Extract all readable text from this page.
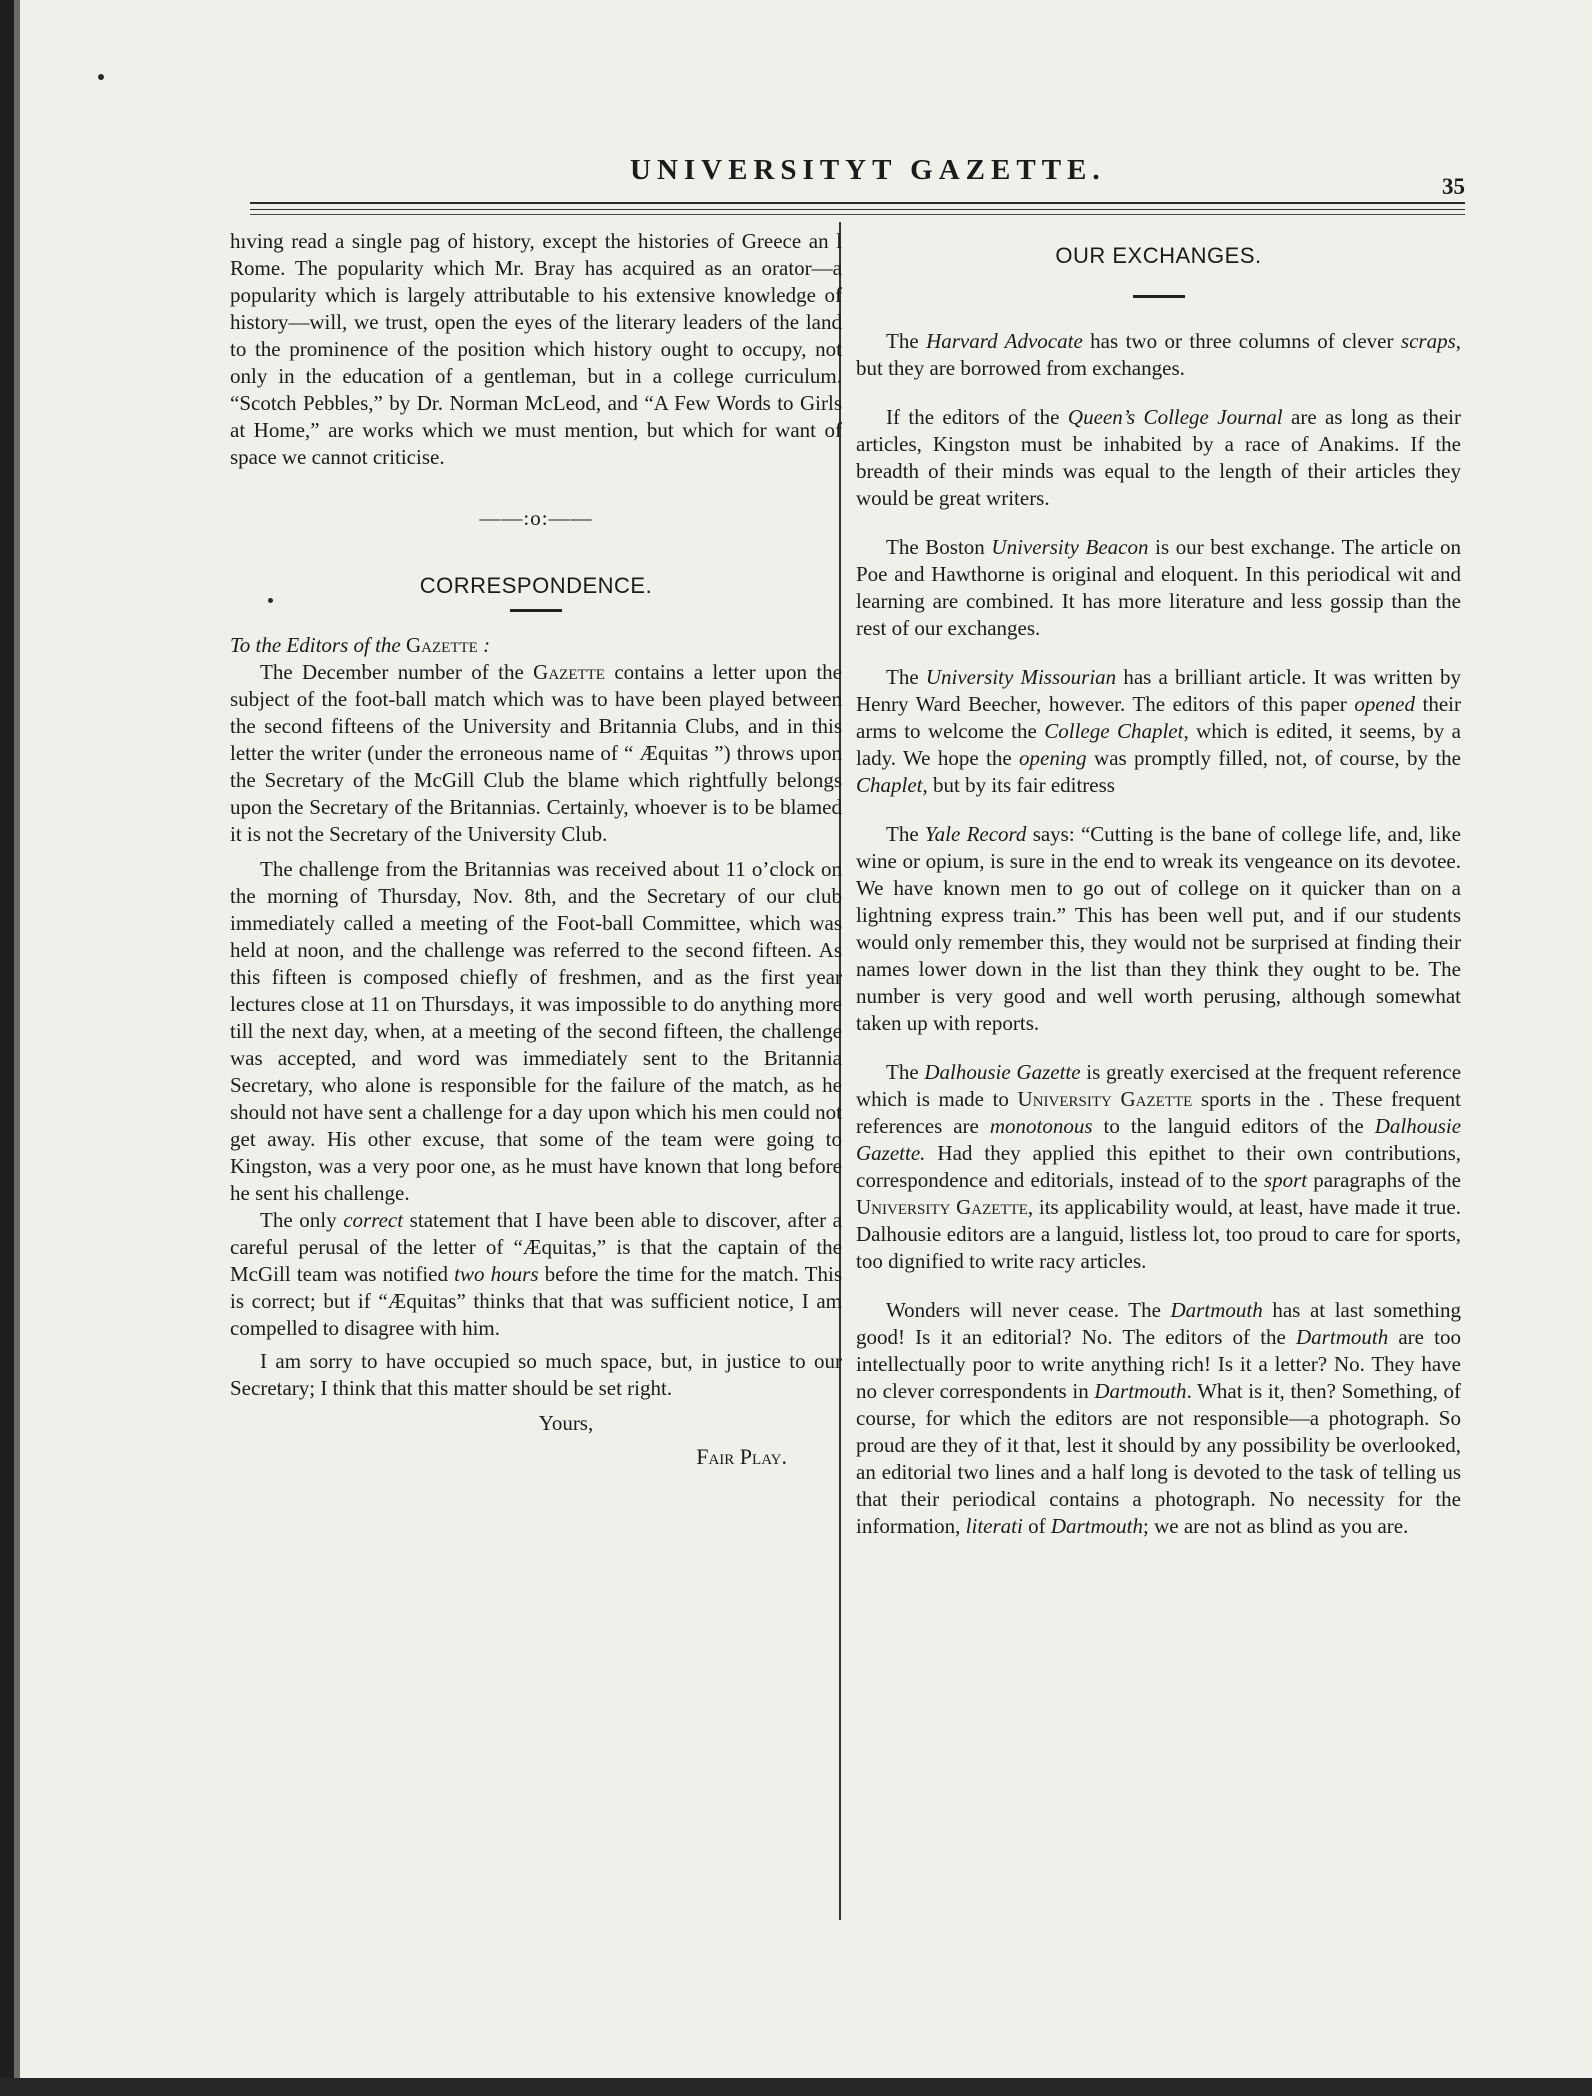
UNIVERSITYT GAZETTE.
35

hıving read a single pag of history, except the histories of Greece an l Rome. The popularity which Mr. Bray has acquired as an orator—a popularity which is largely attributable to his extensive knowledge of history—will, we trust, open the eyes of the literary leaders of the land to the prominence of the position which history ought to occupy, not only in the education of a gentleman, but in a college curriculum. “Scotch Pebbles,” by Dr. Norman McLeod, and “A Few Words to Girls at Home,” are works which we must mention, but which for want of space we cannot criticise.

——:o:——
CORRESPONDENCE.

To the Editors of the Gazette :

The December number of the Gazette contains a letter upon the subject of the foot-ball match which was to have been played between the second fifteens of the University and Britannia Clubs, and in this letter the writer (under the erroneous name of “ Æquitas ”) throws upon the Secretary of the McGill Club the blame which rightfully belongs upon the Secretary of the Britannias. Certainly, whoever is to be blamed it is not the Secretary of the University Club.

The challenge from the Britannias was received about 11 o’clock on the morning of Thursday, Nov. 8th, and the Secretary of our club immediately called a meeting of the Foot-ball Committee, which was held at noon, and the challenge was referred to the second fifteen. As this fifteen is composed chiefly of freshmen, and as the first year lectures close at 11 on Thursdays, it was impossible to do anything more till the next day, when, at a meeting of the second fifteen, the challenge was accepted, and word was immediately sent to the Britannia Secretary, who alone is responsible for the failure of the match, as he should not have sent a challenge for a day upon which his men could not get away. His other excuse, that some of the team were going to Kingston, was a very poor one, as he must have known that long before he sent his challenge.

The only correct statement that I have been able to discover, after a careful perusal of the letter of “Æquitas,” is that the captain of the McGill team was notified two hours before the time for the match. This is correct; but if “Æquitas” thinks that that was sufficient notice, I am compelled to disagree with him.

I am sorry to have occupied so much space, but, in justice to our Secretary; I think that this matter should be set right.

Yours,
Fair Play.
OUR EXCHANGES.

The Harvard Advocate has two or three columns of clever scraps, but they are borrowed from exchanges.

If the editors of the Queen’s College Journal are as long as their articles, Kingston must be inhabited by a race of Anakims. If the breadth of their minds was equal to the length of their articles they would be great writers.

The Boston University Beacon is our best exchange. The article on Poe and Hawthorne is original and eloquent. In this periodical wit and learning are combined. It has more literature and less gossip than the rest of our exchanges.

The University Missourian has a brilliant article. It was written by Henry Ward Beecher, however. The editors of this paper opened their arms to welcome the College Chaplet, which is edited, it seems, by a lady. We hope the opening was promptly filled, not, of course, by the Chaplet, but by its fair editress

The Yale Record says: “Cutting is the bane of college life, and, like wine or opium, is sure in the end to wreak its vengeance on its devotee. We have known men to go out of college on it quicker than on a lightning express train.” This has been well put, and if our students would only remember this, they would not be surprised at finding their names lower down in the list than they think they ought to be. The number is very good and well worth perusing, although somewhat taken up with reports.

The Dalhousie Gazette is greatly exercised at the frequent reference which is made to University Gazette sports in the . These frequent references are monotonous to the languid editors of the Dalhousie Gazette. Had they applied this epithet to their own contributions, correspondence and editorials, instead of to the sport paragraphs of the University Gazette, its applicability would, at least, have made it true. Dalhousie editors are a languid, listless lot, too proud to care for sports, too dignified to write racy articles.

Wonders will never cease. The Dartmouth has at last something good! Is it an editorial? No. The editors of the Dartmouth are too intellectually poor to write anything rich! Is it a letter? No. They have no clever correspondents in Dartmouth. What is it, then? Something, of course, for which the editors are not responsible—a photograph. So proud are they of it that, lest it should by any possibility be overlooked, an editorial two lines and a half long is devoted to the task of telling us that their periodical contains a photograph. No necessity for the information, literati of Dartmouth; we are not as blind as you are.
